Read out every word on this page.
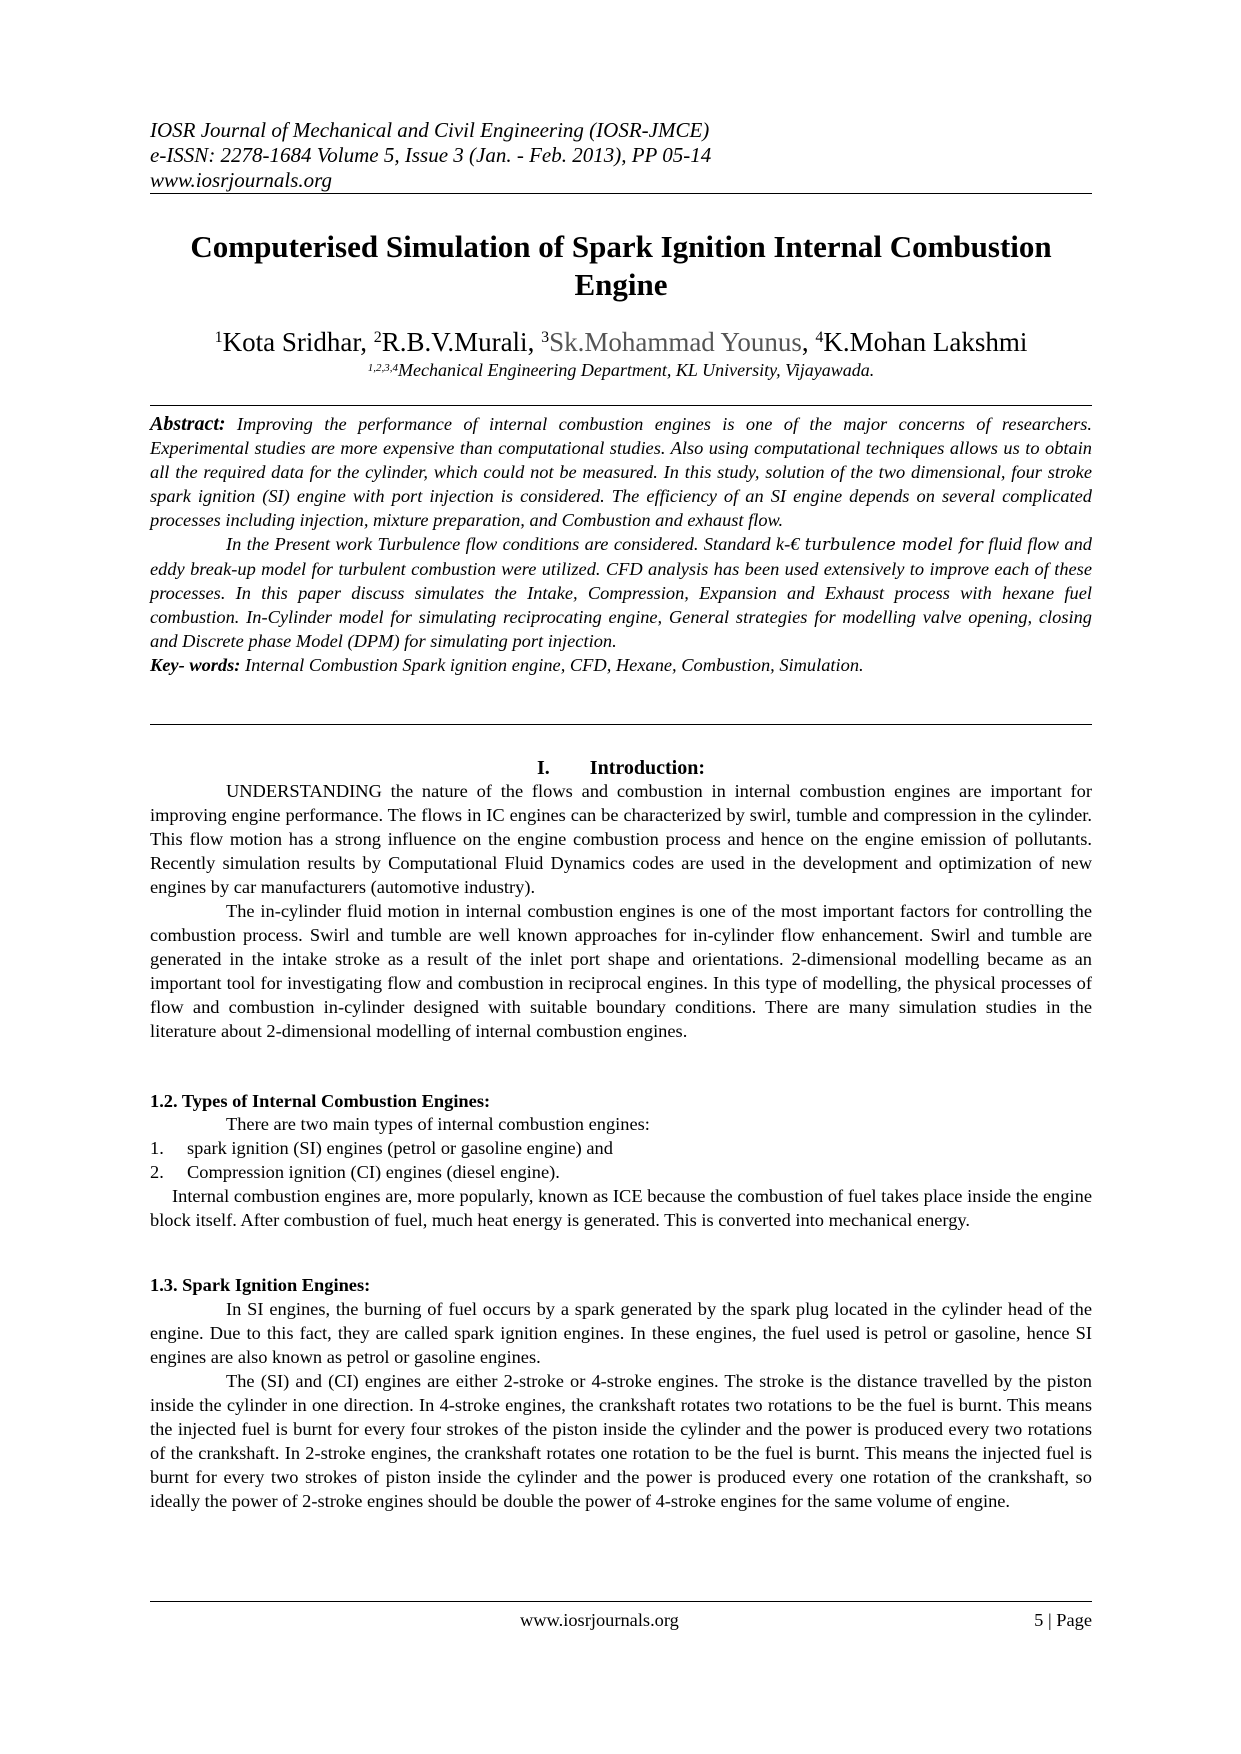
IOSR Journal of Mechanical and Civil Engineering (IOSR-JMCE)
e-ISSN: 2278-1684 Volume 5, Issue 3 (Jan. - Feb. 2013), PP 05-14
www.iosrjournals.org
Computerised Simulation of Spark Ignition Internal Combustion Engine
$^1$Kota Sridhar, $^2$R.B.V.Murali, $^3$Sk.Mohammad Younus, $^4$K.Mohan Lakshmi
$^{1,2,3,4}$Mechanical Engineering Department, KL University, Vijayawada.

Abstract: Improving the performance of internal combustion engines is one of the major concerns of researchers. Experimental studies are more expensive than computational studies. Also using computational techniques allows us to obtain all the required data for the cylinder, which could not be measured. In this study, solution of the two dimensional, four stroke spark ignition (SI) engine with port injection is considered. The efficiency of an SI engine depends on several complicated processes including injection, mixture preparation, and Combustion and exhaust flow.

In the Present work Turbulence flow conditions are considered. Standard k-€ turbulence model for fluid flow and eddy break-up model for turbulent combustion were utilized. CFD analysis has been used extensively to improve each of these processes. In this paper discuss simulates the Intake, Compression, Expansion and Exhaust process with hexane fuel combustion. In-Cylinder model for simulating reciprocating engine, General strategies for modelling valve opening, closing and Discrete phase Model (DPM) for simulating port injection.

Key- words: Internal Combustion Spark ignition engine, CFD, Hexane, Combustion, Simulation.

I. Introduction:

UNDERSTANDING the nature of the flows and combustion in internal combustion engines are important for improving engine performance. The flows in IC engines can be characterized by swirl, tumble and compression in the cylinder. This flow motion has a strong influence on the engine combustion process and hence on the engine emission of pollutants. Recently simulation results by Computational Fluid Dynamics codes are used in the development and optimization of new engines by car manufacturers (automotive industry).

The in-cylinder fluid motion in internal combustion engines is one of the most important factors for controlling the combustion process. Swirl and tumble are well known approaches for in-cylinder flow enhancement. Swirl and tumble are generated in the intake stroke as a result of the inlet port shape and orientations. 2-dimensional modelling became as an important tool for investigating flow and combustion in reciprocal engines. In this type of modelling, the physical processes of flow and combustion in-cylinder designed with suitable boundary conditions. There are many simulation studies in the literature about 2-dimensional modelling of internal combustion engines.

1.2. Types of Internal Combustion Engines:

There are two main types of internal combustion engines:

1. spark ignition (SI) engines (petrol or gasoline engine) and
2. Compression ignition (CI) engines (diesel engine).

Internal combustion engines are, more popularly, known as ICE because the combustion of fuel takes place inside the engine block itself. After combustion of fuel, much heat energy is generated. This is converted into mechanical energy.

1.3. Spark Ignition Engines:

In SI engines, the burning of fuel occurs by a spark generated by the spark plug located in the cylinder head of the engine. Due to this fact, they are called spark ignition engines. In these engines, the fuel used is petrol or gasoline, hence SI engines are also known as petrol or gasoline engines.

The (SI) and (CI) engines are either 2-stroke or 4-stroke engines. The stroke is the distance travelled by the piston inside the cylinder in one direction. In 4-stroke engines, the crankshaft rotates two rotations to be the fuel is burnt. This means the injected fuel is burnt for every four strokes of the piston inside the cylinder and the power is produced every two rotations of the crankshaft. In 2-stroke engines, the crankshaft rotates one rotation to be the fuel is burnt. This means the injected fuel is burnt for every two strokes of piston inside the cylinder and the power is produced every one rotation of the crankshaft, so ideally the power of 2-stroke engines should be double the power of 4-stroke engines for the same volume of engine.

www.iosrjournals.org	5 | Page
